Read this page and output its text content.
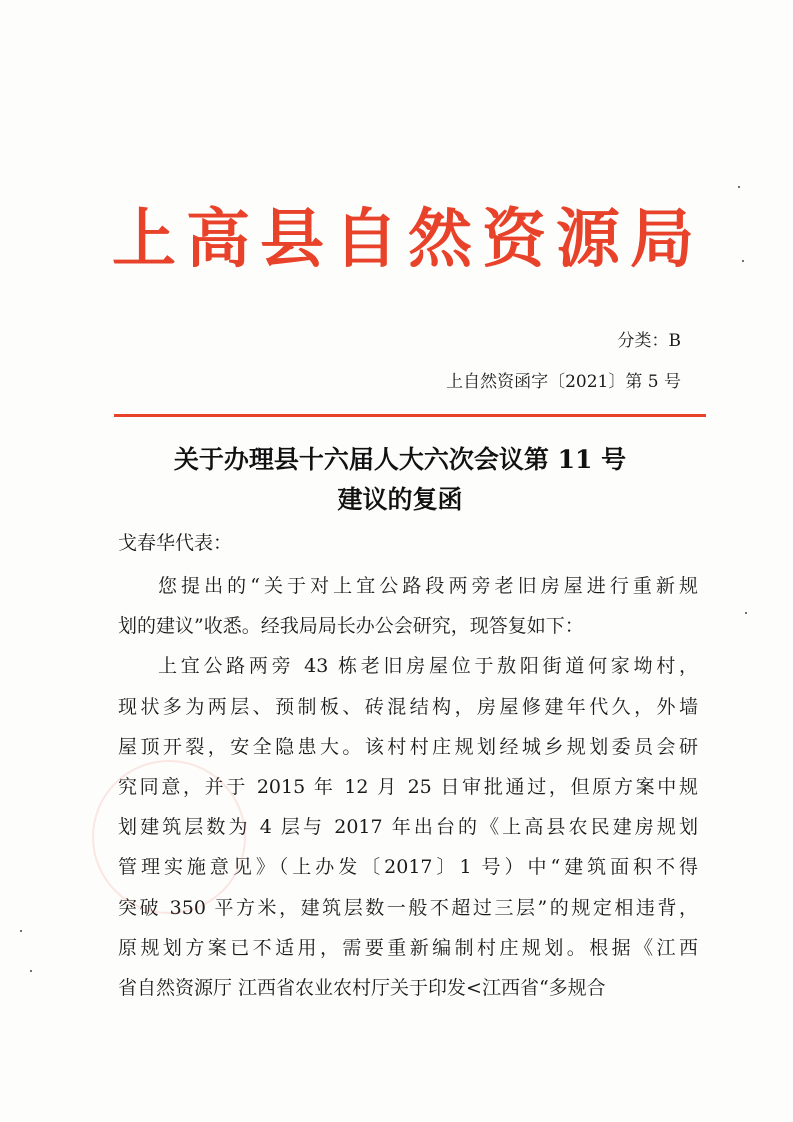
上高县自然资源局
分类：B
上自然资函字〔2021〕第 5 号
关于办理县十六届人大六次会议第 11 号
建议的复函
戈春华代表：
您提出的“关于对上宜公路段两旁老旧房屋进行重新规
划的建议”收悉。经我局局长办公会研究，现答复如下：
上宜公路两旁 43 栋老旧房屋位于敖阳街道何家坳村，
现状多为两层、预制板、砖混结构，房屋修建年代久，外墙
屋顶开裂，安全隐患大。该村村庄规划经城乡规划委员会研
究同意，并于 2015 年 12 月 25 日审批通过，但原方案中规
划建筑层数为 4 层与 2017 年出台的《上高县农民建房规划
管理实施意见》（上办发〔2017〕1 号）中“建筑面积不得
突破 350 平方米，建筑层数一般不超过三层”的规定相违背，
原规划方案已不适用，需要重新编制村庄规划。根据《江西
省自然资源厅 江西省农业农村厅关于印发<江西省“多规合
